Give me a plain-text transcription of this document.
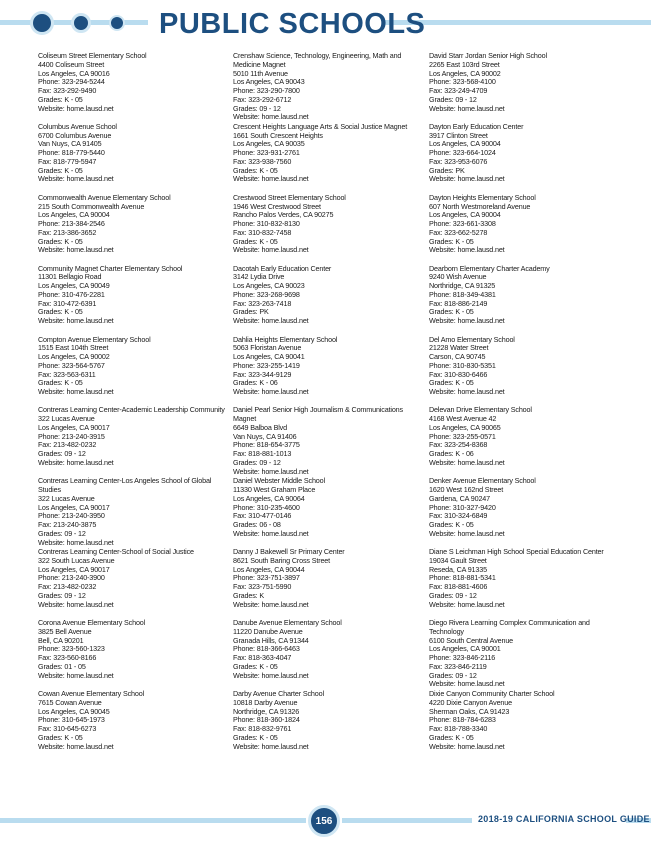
PUBLIC SCHOOLS
Coliseum Street Elementary School
4400 Coliseum Street
Los Angeles, CA 90016
Phone: 323-294-5244
Fax: 323-292-9490
Grades: K - 05
Website: home.lausd.net
Columbus Avenue School
6700 Columbus Avenue
Van Nuys, CA 91405
Phone: 818-779-5440
Fax: 818-779-5947
Grades: K - 05
Website: home.lausd.net
Commonwealth Avenue Elementary School
215 South Commonwealth Avenue
Los Angeles, CA 90004
Phone: 213-384-2546
Fax: 213-386-3652
Grades: K - 05
Website: home.lausd.net
Community Magnet Charter Elementary School
11301 Bellagio Road
Los Angeles, CA 90049
Phone: 310-476-2281
Fax: 310-472-6391
Grades: K - 05
Website: home.lausd.net
Compton Avenue Elementary School
1515 East 104th Street
Los Angeles, CA 90002
Phone: 323-564-5767
Fax: 323-563-6311
Grades: K - 05
Website: home.lausd.net
Contreras Learning Center-Academic Leadership Community
322 Lucas Avenue
Los Angeles, CA 90017
Phone: 213-240-3915
Fax: 213-482-0232
Grades: 09 - 12
Website: home.lausd.net
Contreras Learning Center-Los Angeles School of Global Studies
322 Lucas Avenue
Los Angeles, CA 90017
Phone: 213-240-3950
Fax: 213-240-3875
Grades: 09 - 12
Website: home.lausd.net
Contreras Learning Center-School of Social Justice
322 South Lucas Avenue
Los Angeles, CA 90017
Phone: 213-240-3900
Fax: 213-482-0232
Grades: 09 - 12
Website: home.lausd.net
Corona Avenue Elementary School
3825 Bell Avenue
Bell, CA 90201
Phone: 323-560-1323
Fax: 323-560-8166
Grades: 01 - 05
Website: home.lausd.net
Cowan Avenue Elementary School
7615 Cowan Avenue
Los Angeles, CA 90045
Phone: 310-645-1973
Fax: 310-645-6273
Grades: K - 05
Website: home.lausd.net
Crenshaw Science, Technology, Engineering, Math and Medicine Magnet
5010 11th Avenue
Los Angeles, CA 90043
Phone: 323-290-7800
Fax: 323-292-6712
Grades: 09 - 12
Website: home.lausd.net
Crescent Heights Language Arts & Social Justice Magnet
1661 South Crescent Heights
Los Angeles, CA 90035
Phone: 323-931-2761
Fax: 323-938-7560
Grades: K - 05
Website: home.lausd.net
Crestwood Street Elementary School
1946 West Crestwood Street
Rancho Palos Verdes, CA 90275
Phone: 310-832-8130
Fax: 310-832-7458
Grades: K - 05
Website: home.lausd.net
Dacotah Early Education Center
3142 Lydia Drive
Los Angeles, CA 90023
Phone: 323-268-9698
Fax: 323-263-7418
Grades: PK
Website: home.lausd.net
Dahlia Heights Elementary School
5063 Floristan Avenue
Los Angeles, CA 90041
Phone: 323-255-1419
Fax: 323-344-9129
Grades: K - 06
Website: home.lausd.net
Daniel Pearl Senior High Journalism & Communications Magnet
6649 Balboa Blvd
Van Nuys, CA 91406
Phone: 818-654-3775
Fax: 818-881-1013
Grades: 09 - 12
Website: home.lausd.net
Daniel Webster Middle School
11330 West Graham Place
Los Angeles, CA 90064
Phone: 310-235-4600
Fax: 310-477-0146
Grades: 06 - 08
Website: home.lausd.net
Danny J Bakewell Sr Primary Center
8621 South Baring Cross Street
Los Angeles, CA 90044
Phone: 323-751-3897
Fax: 323-751-5990
Grades: K
Website: home.lausd.net
Danube Avenue Elementary School
11220 Danube Avenue
Granada Hills, CA 91344
Phone: 818-366-6463
Fax: 818-363-4047
Grades: K - 05
Website: home.lausd.net
Darby Avenue Charter School
10818 Darby Avenue
Northridge, CA 91326
Phone: 818-360-1824
Fax: 818-832-9761
Grades: K - 05
Website: home.lausd.net
David Starr Jordan Senior High School
2265 East 103rd Street
Los Angeles, CA 90002
Phone: 323-568-4100
Fax: 323-249-4709
Grades: 09 - 12
Website: home.lausd.net
Dayton Early Education Center
3917 Clinton Street
Los Angeles, CA 90004
Phone: 323-664-1024
Fax: 323-953-6076
Grades: PK
Website: home.lausd.net
Dayton Heights Elementary School
607 North Westmoreland Avenue
Los Angeles, CA 90004
Phone: 323-661-3308
Fax: 323-662-5278
Grades: K - 05
Website: home.lausd.net
Dearborn Elementary Charter Academy
9240 Wish Avenue
Northridge, CA 91325
Phone: 818-349-4381
Fax: 818-886-2149
Grades: K - 05
Website: home.lausd.net
Del Amo Elementary School
21228 Water Street
Carson, CA 90745
Phone: 310-830-5351
Fax: 310-830-6466
Grades: K - 05
Website: home.lausd.net
Delevan Drive Elementary School
4168 West Avenue 42
Los Angeles, CA 90065
Phone: 323-255-0571
Fax: 323-254-8368
Grades: K - 06
Website: home.lausd.net
Denker Avenue Elementary School
1620 West 162nd Street
Gardena, CA 90247
Phone: 310-327-9420
Fax: 310-324-6849
Grades: K - 05
Website: home.lausd.net
Diane S Leichman High School Special Education Center
19034 Gault Street
Reseda, CA 91335
Phone: 818-881-5341
Fax: 818-881-4606
Grades: 09 - 12
Website: home.lausd.net
Diego Rivera Learning Complex Communication and Technology
6100 South Central Avenue
Los Angeles, CA 90001
Phone: 323-846-2116
Fax: 323-846-2119
Grades: 09 - 12
Website: home.lausd.net
Dixie Canyon Community Charter School
4220 Dixie Canyon Avenue
Sherman Oaks, CA 91423
Phone: 818-784-6283
Fax: 818-788-3340
Grades: K - 05
Website: home.lausd.net
156	2018-19 CALIFORNIA SCHOOL GUIDE
